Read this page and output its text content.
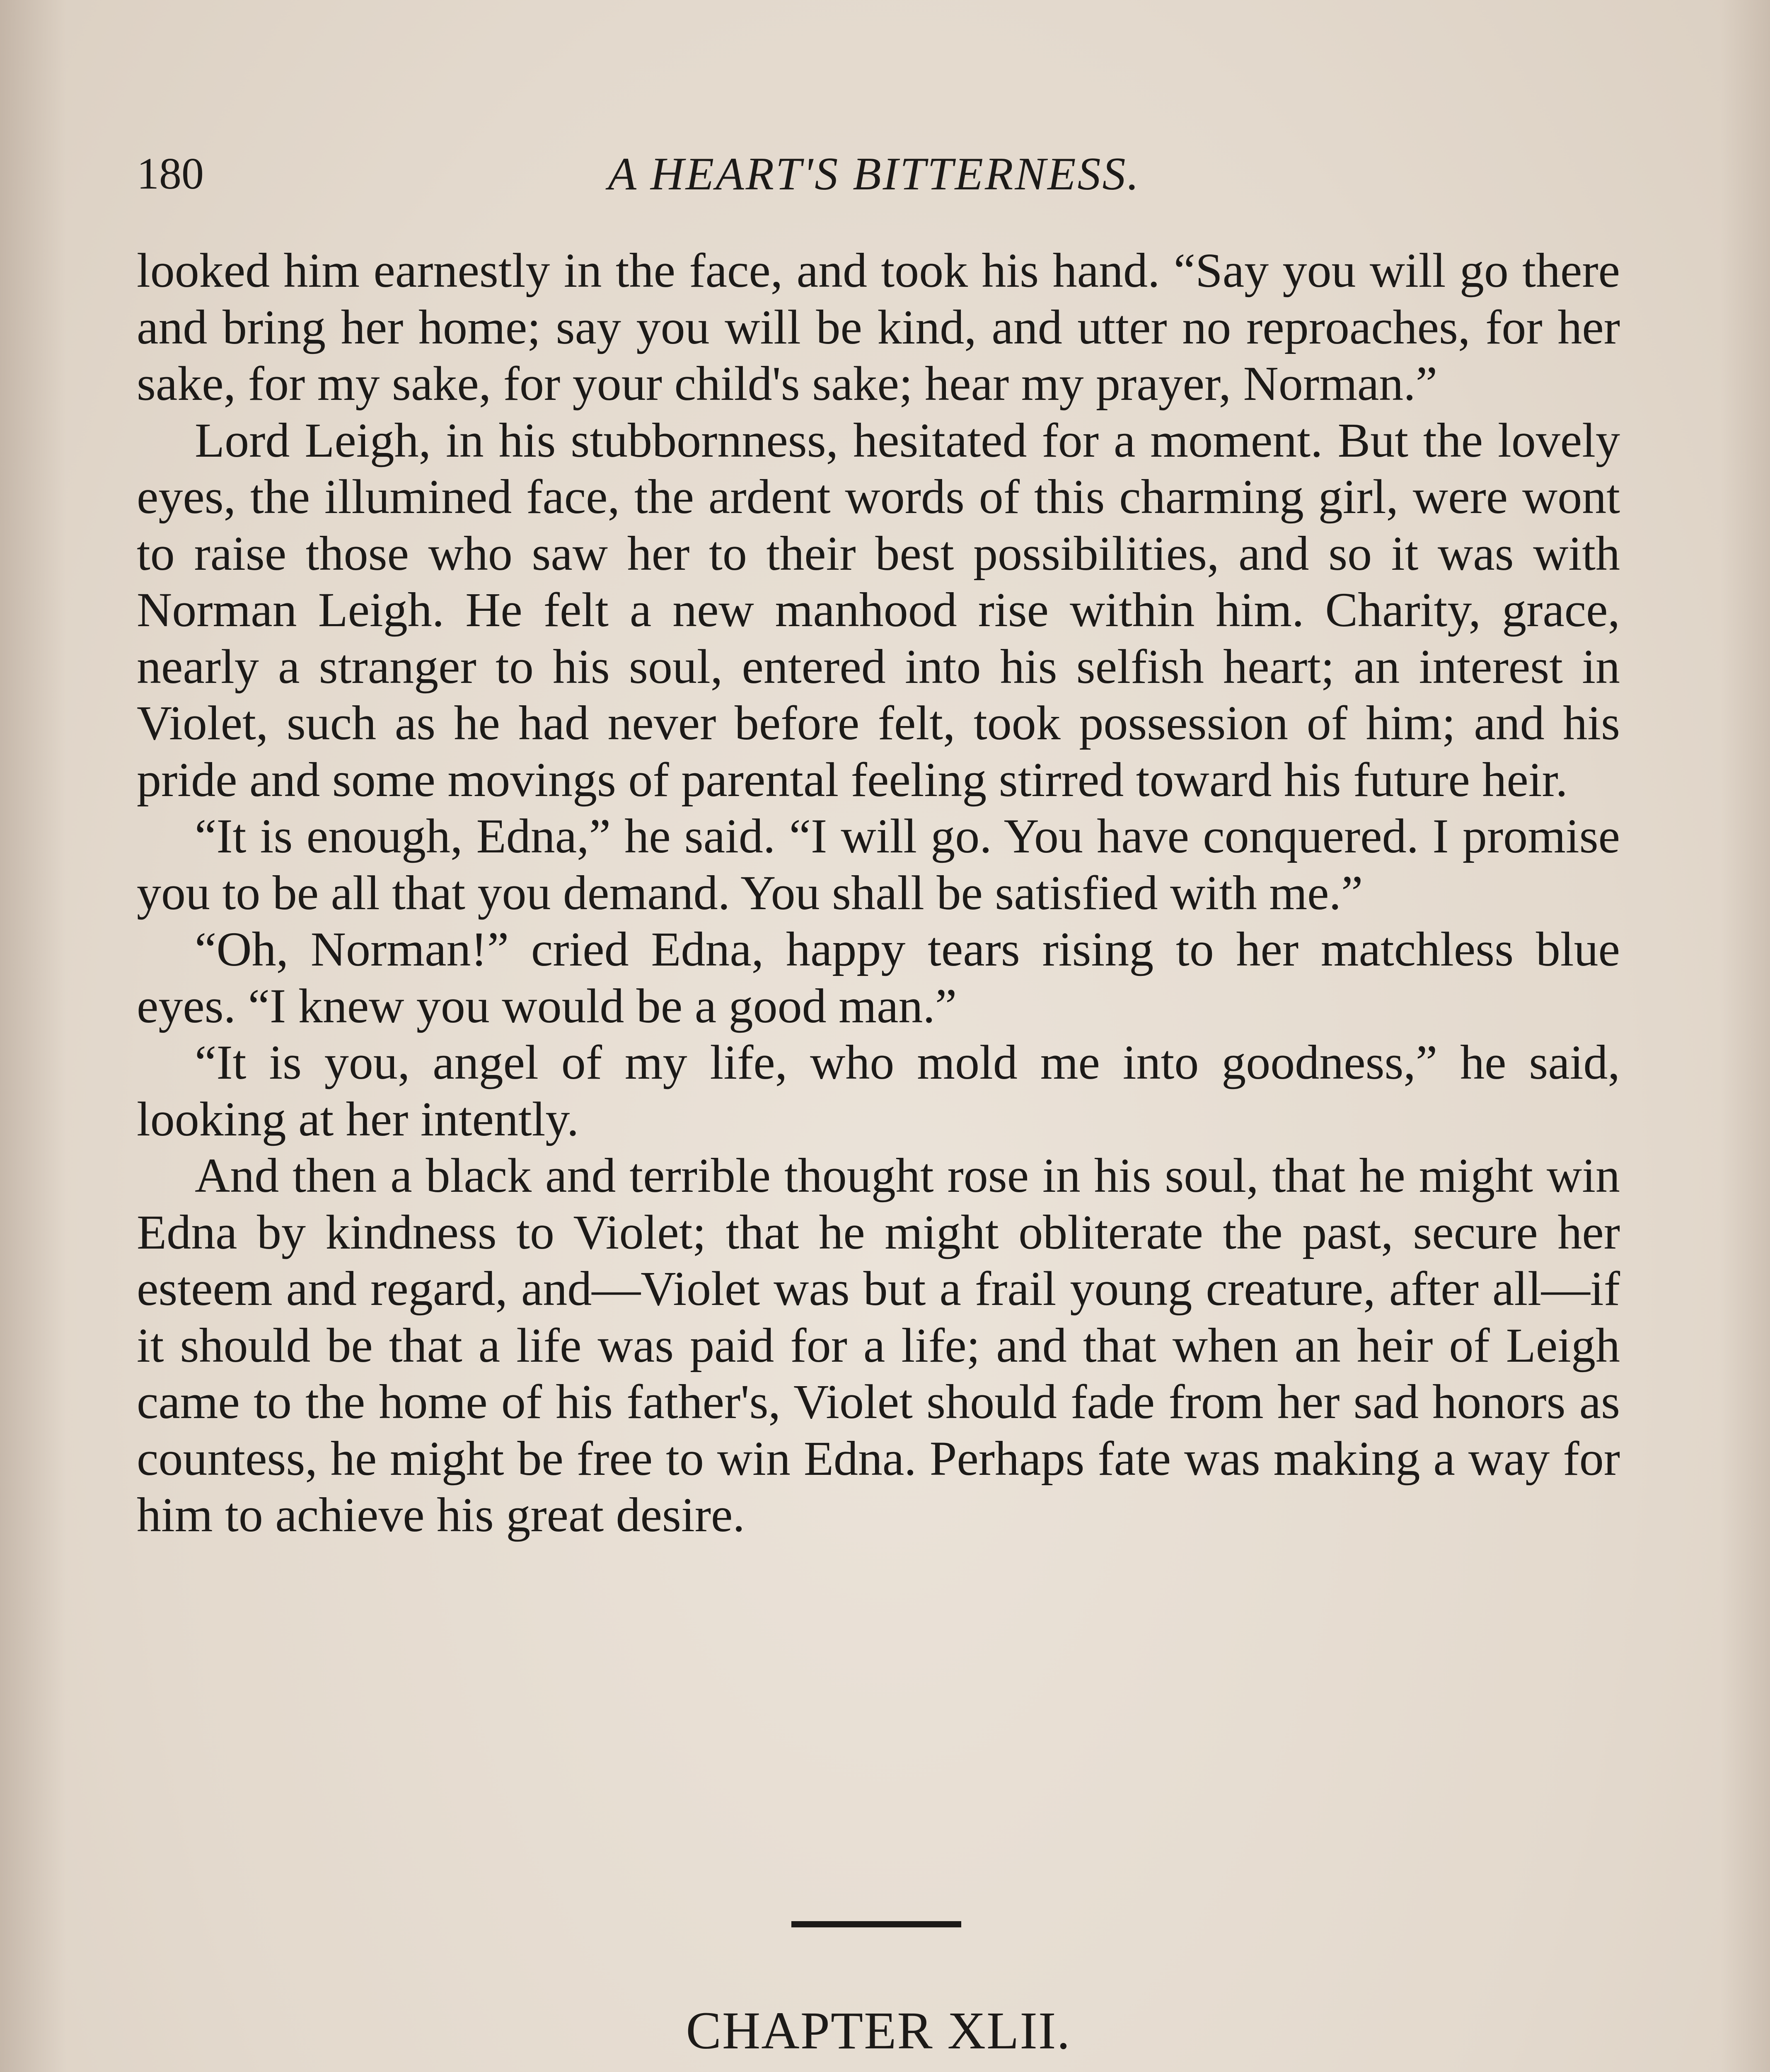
180	A HEART'S BITTERNESS.

looked him earnestly in the face, and took his hand. “Say you will go there and bring her home; say you will be kind, and utter no reproaches, for her sake, for my sake, for your child's sake; hear my prayer, Norman.”

Lord Leigh, in his stubbornness, hesitated for a moment. But the lovely eyes, the illumined face, the ardent words of this charming girl, were wont to raise those who saw her to their best possibilities, and so it was with Norman Leigh. He felt a new manhood rise within him. Charity, grace, nearly a stranger to his soul, entered into his selfish heart; an interest in Violet, such as he had never before felt, took possession of him; and his pride and some movings of parental feeling stirred toward his future heir.

“It is enough, Edna,” he said. “I will go. You have conquered. I promise you to be all that you demand. You shall be satisfied with me.”

“Oh, Norman!” cried Edna, happy tears rising to her matchless blue eyes. “I knew you would be a good man.”

“It is you, angel of my life, who mold me into goodness,” he said, looking at her intently.

And then a black and terrible thought rose in his soul, that he might win Edna by kindness to Violet; that he might obliterate the past, secure her esteem and regard, and—Violet was but a frail young creature, after all—if it should be that a life was paid for a life; and that when an heir of Leigh came to the home of his father's, Violet should fade from her sad honors as countess, he might be free to win Edna. Perhaps fate was making a way for him to achieve his great desire.

CHAPTER XLII.
